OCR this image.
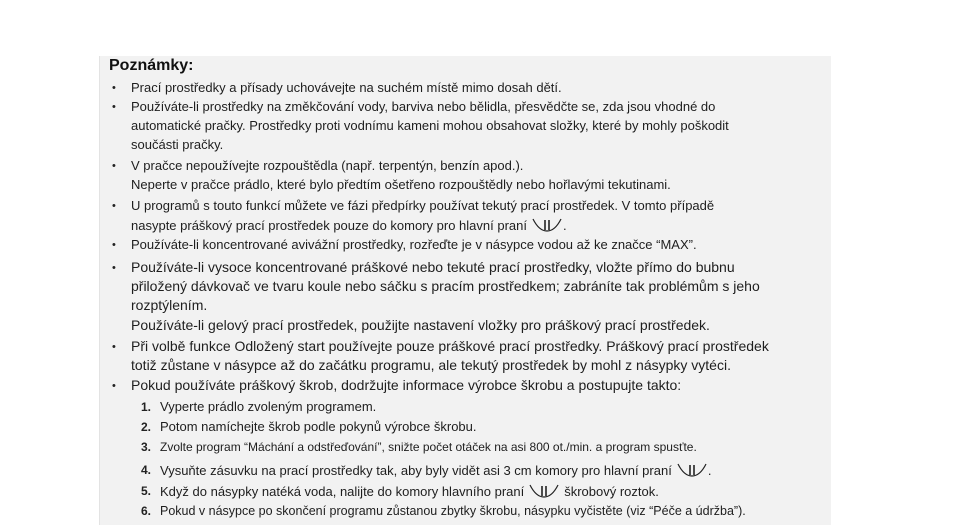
Poznámky:
• Prací prostředky a přísady uchovávejte na suchém místě mimo dosah dětí.
• Používáte-li prostředky na změkčování vody, barviva nebo bělidla, přesvědčte se, zda jsou vhodné do
automatické pračky. Prostředky proti vodnímu kameni mohou obsahovat složky, které by mohly poškodit
součásti pračky.
• V pračce nepoužívejte rozpouštědla (např. terpentýn, benzín apod.).
Neperte v pračce prádlo, které bylo předtím ošetřeno rozpouštědly nebo hořlavými tekutinami.
• U programů s touto funkcí můžete ve fázi předpírky používat tekutý prací prostředek. V tomto případě
nasypte práškový prací prostředek pouze do komory pro hlavní praní	.
• Používáte-li koncentrované avivážní prostředky, rozřeďte je v násypce vodou až ke značce “MAX”.
• Používáte-li vysoce koncentrované práškové nebo tekuté prací prostředky, vložte přímo do bubnu
přiložený dávkovač ve tvaru koule nebo sáčku s pracím prostředkem; zabráníte tak problémům s jeho
rozptýlením.
Používáte-li gelový prací prostředek, použijte nastavení vložky pro práškový prací prostředek.
• Při volbě funkce Odložený start používejte pouze práškové prací prostředky. Práškový prací prostředek
totiž zůstane v násypce až do začátku programu, ale tekutý prostředek by mohl z násypky vytéci.
• Pokud používáte práškový škrob, dodržujte informace výrobce škrobu a postupujte takto:
1. Vyperte prádlo zvoleným programem.
2. Potom namíchejte škrob podle pokynů výrobce škrobu.
3. Zvolte program “Máchání a odstřeďování”, snižte počet otáček na asi 800 ot./min. a program spusťte.
4. Vysuňte zásuvku na prací prostředky tak, aby byly vidět asi 3 cm komory pro hlavní praní	.
5. Když do násypky natéká voda, nalijte do komory hlavního praní	škrobový roztok.
6. Pokud v násypce po skončení programu zůstanou zbytky škrobu, násypku vyčistěte (viz “Péče a údržba”).
